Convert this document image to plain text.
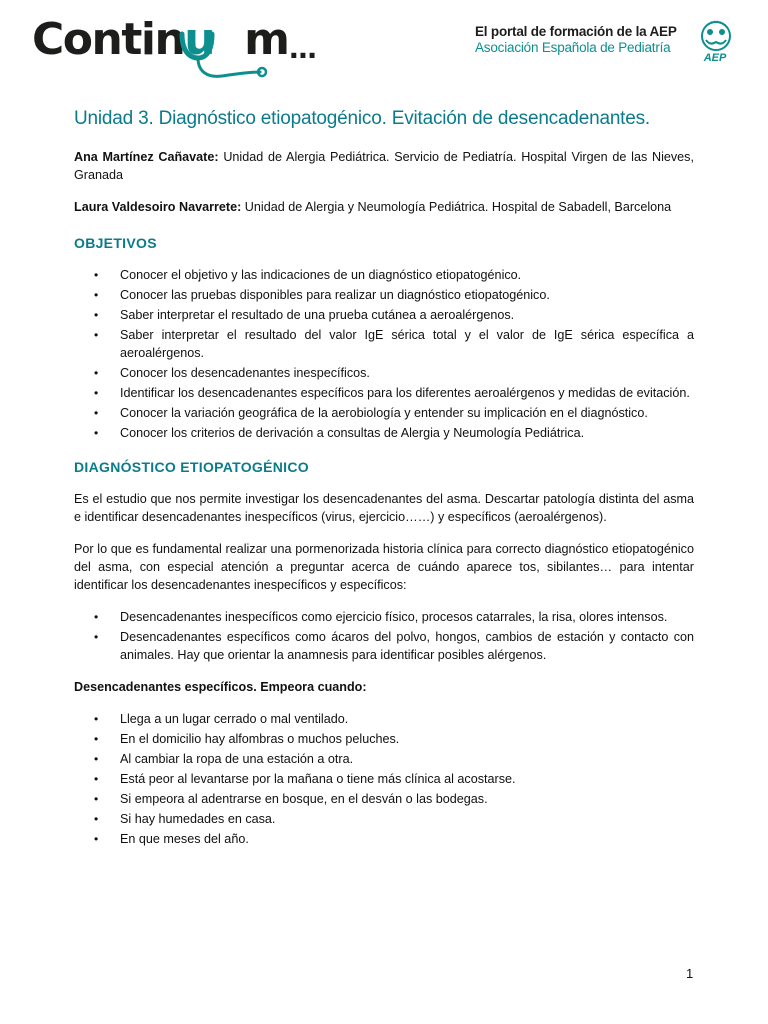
Contin u m ...
El portal de formación de la AEP
Asociación Española de Pediatría
AEP
Unidad 3. Diagnóstico etiopatogénico. Evitación de desencadenantes.

Ana Martínez Cañavate: Unidad de Alergia Pediátrica. Servicio de Pediatría. Hospital Virgen de las Nieves, Granada

Laura Valdesoiro Navarrete: Unidad de Alergia y Neumología Pediátrica. Hospital de Sabadell, Barcelona

OBJETIVOS
• Conocer el objetivo y las indicaciones de un diagnóstico etiopatogénico.
• Conocer las pruebas disponibles para realizar un diagnóstico etiopatogénico.
• Saber interpretar el resultado de una prueba cutánea a aeroalérgenos.
• Saber interpretar el resultado del valor IgE sérica total y el valor de IgE sérica específica a aeroalérgenos.
• Conocer los desencadenantes inespecíficos.
• Identificar los desencadenantes específicos para los diferentes aeroalérgenos y medidas de evitación.
• Conocer la variación geográfica de la aerobiología y entender su implicación en el diagnóstico.
• Conocer los criterios de derivación a consultas de Alergia y Neumología Pediátrica.
DIAGNÓSTICO ETIOPATOGÉNICO

Es el estudio que nos permite investigar los desencadenantes del asma. Descartar patología distinta del asma e identificar desencadenantes inespecíficos (virus, ejercicio……) y específicos (aeroalérgenos).

Por lo que es fundamental realizar una pormenorizada historia clínica para correcto diagnóstico etiopatogénico del asma, con especial atención a preguntar acerca de cuándo aparece tos, sibilantes… para intentar identificar los desencadenantes inespecíficos y específicos:

• Desencadenantes inespecíficos como ejercicio físico, procesos catarrales, la risa, olores intensos.
• Desencadenantes específicos como ácaros del polvo, hongos, cambios de estación y contacto con animales. Hay que orientar la anamnesis para identificar posibles alérgenos.
Desencadenantes específicos. Empeora cuando:
• Llega a un lugar cerrado o mal ventilado.
• En el domicilio hay alfombras o muchos peluches.
• Al cambiar la ropa de una estación a otra.
• Está peor al levantarse por la mañana o tiene más clínica al acostarse.
• Si empeora al adentrarse en bosque, en el desván o las bodegas.
• Si hay humedades en casa.
• En que meses del año.
1
